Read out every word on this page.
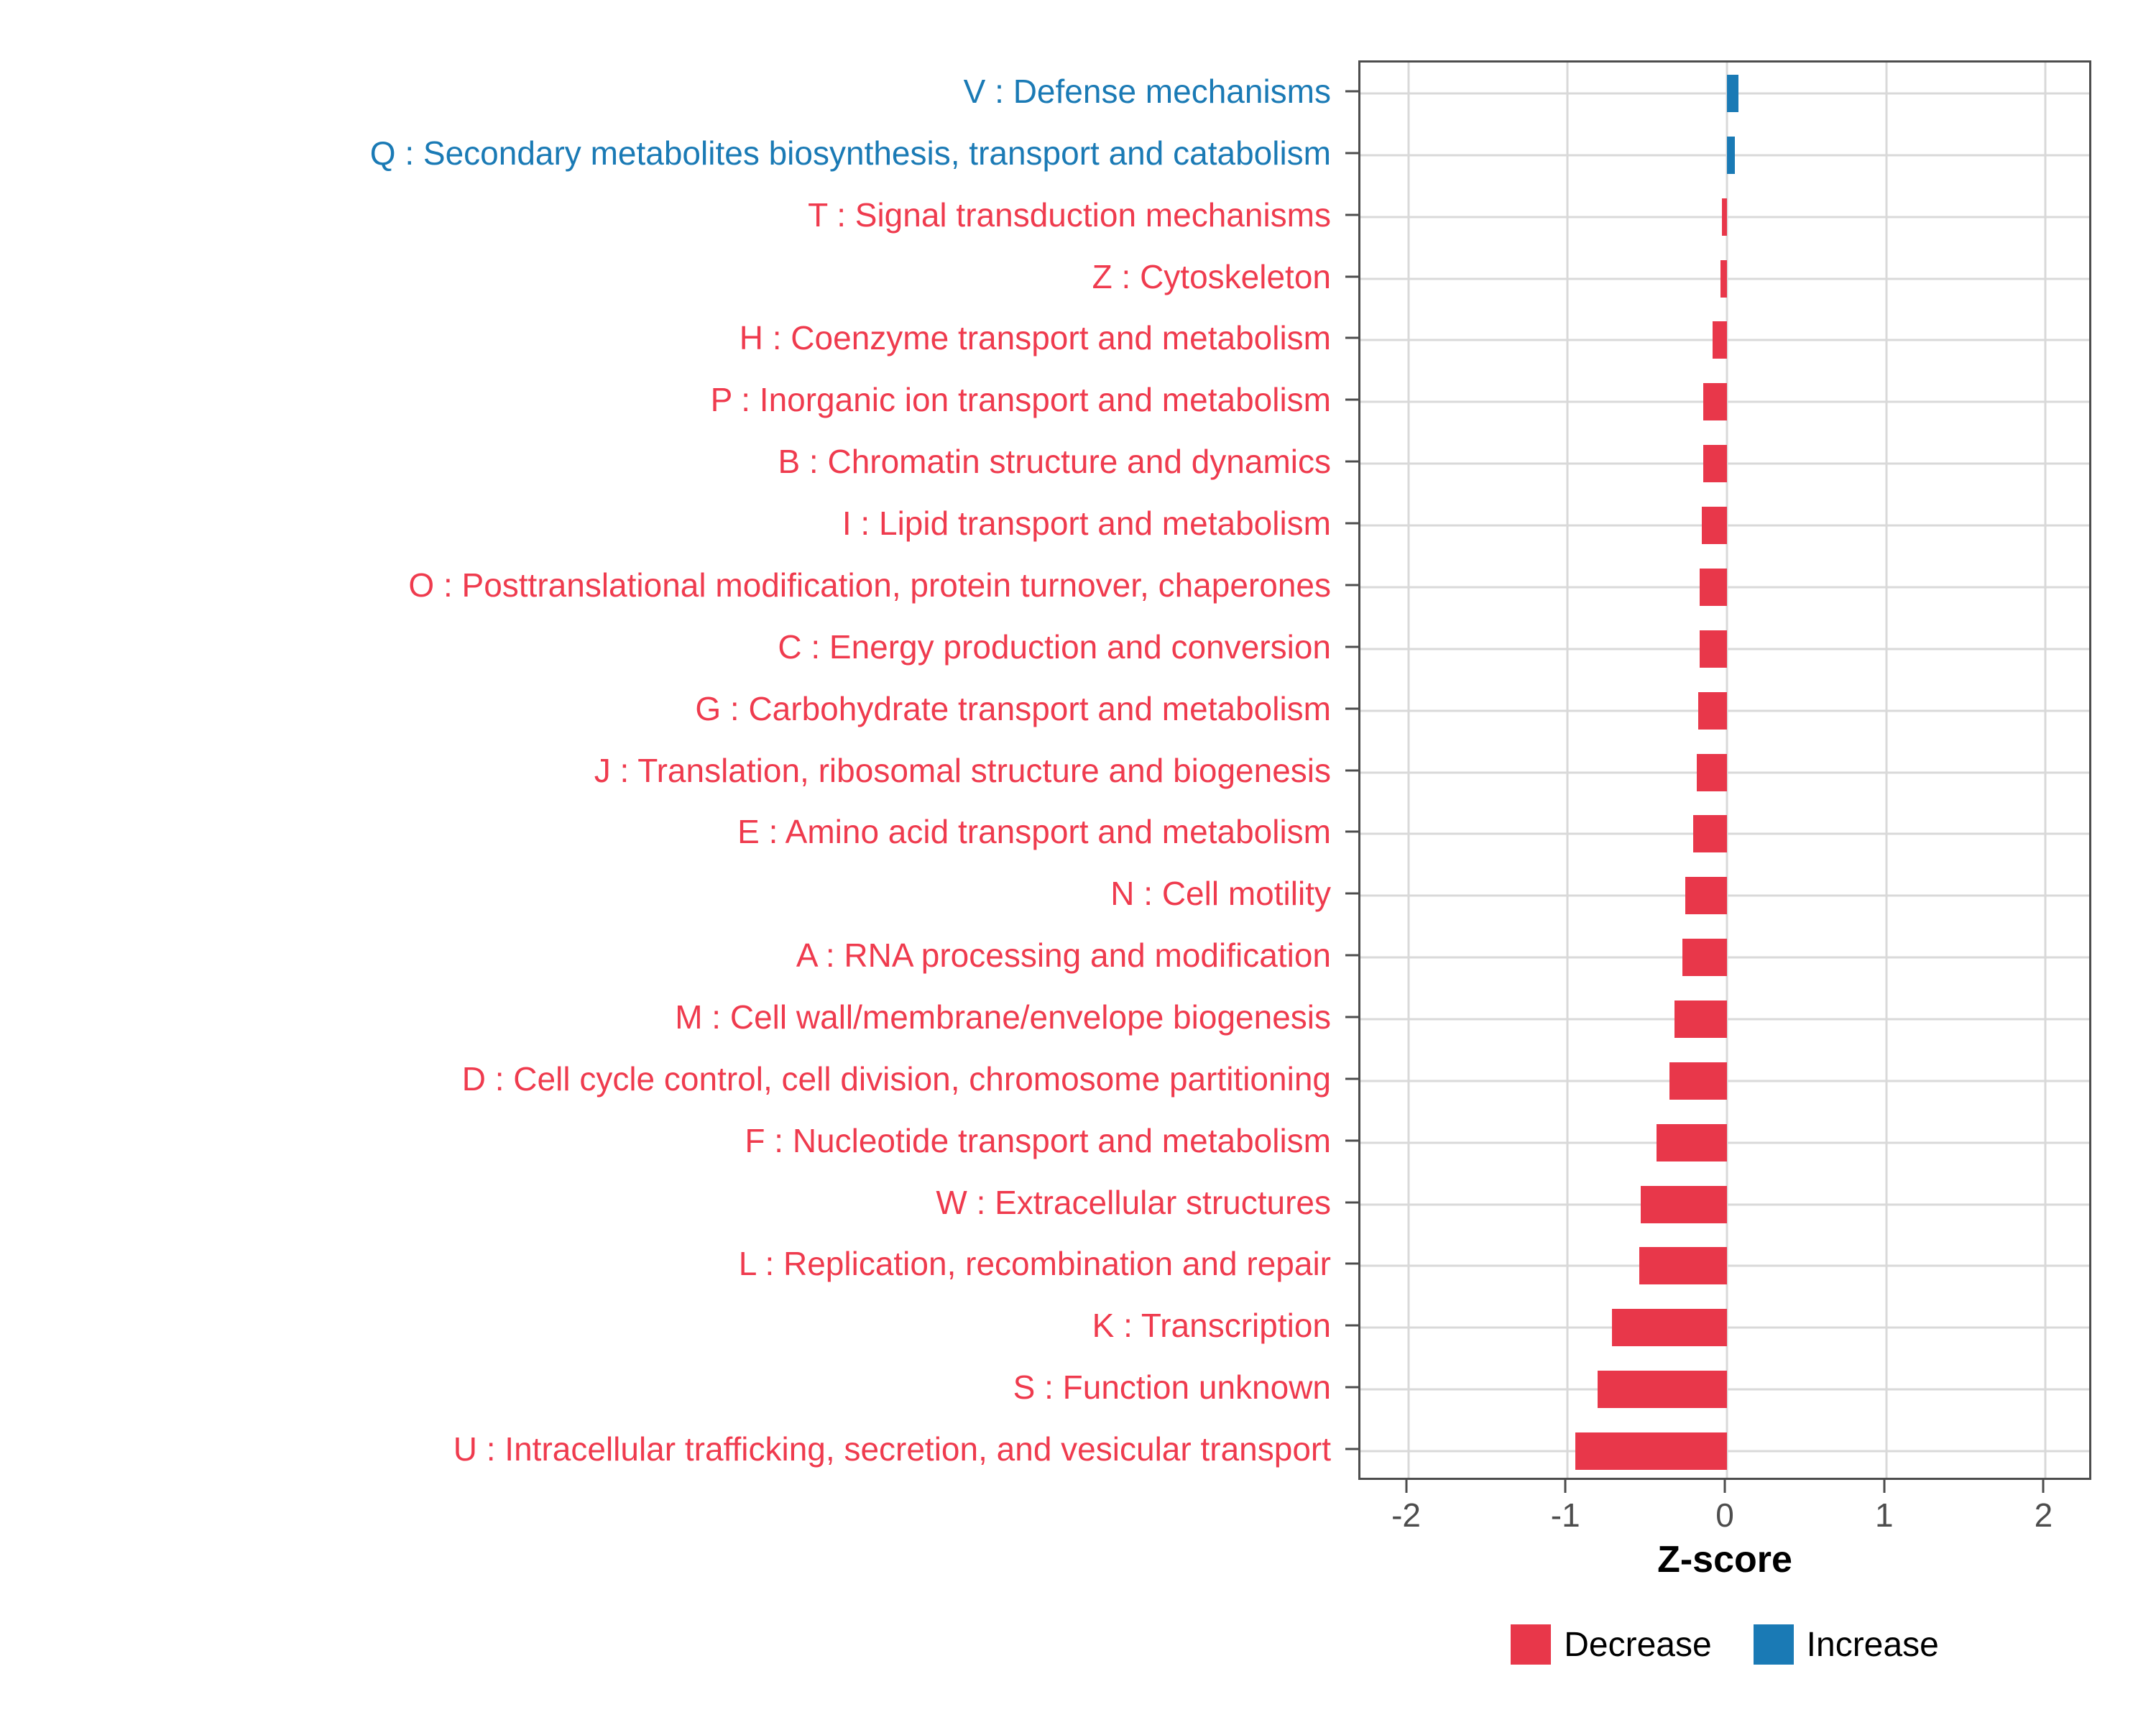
V : Defense mechanisms
Q : Secondary metabolites biosynthesis, transport and catabolism
T : Signal transduction mechanisms
Z : Cytoskeleton
H : Coenzyme transport and metabolism
P : Inorganic ion transport and metabolism
B : Chromatin structure and dynamics
I : Lipid transport and metabolism
O : Posttranslational modification, protein turnover, chaperones
C : Energy production and conversion
G : Carbohydrate transport and metabolism
J : Translation, ribosomal structure and biogenesis
E : Amino acid transport and metabolism
N : Cell motility
A : RNA processing and modification
M : Cell wall/membrane/envelope biogenesis
D : Cell cycle control, cell division, chromosome partitioning
F : Nucleotide transport and metabolism
W : Extracellular structures
L : Replication, recombination and repair
K : Transcription
S : Function unknown
U : Intracellular trafficking, secretion, and vesicular transport
-2	-1	0	1	2
Z-score
Decrease	Increase
